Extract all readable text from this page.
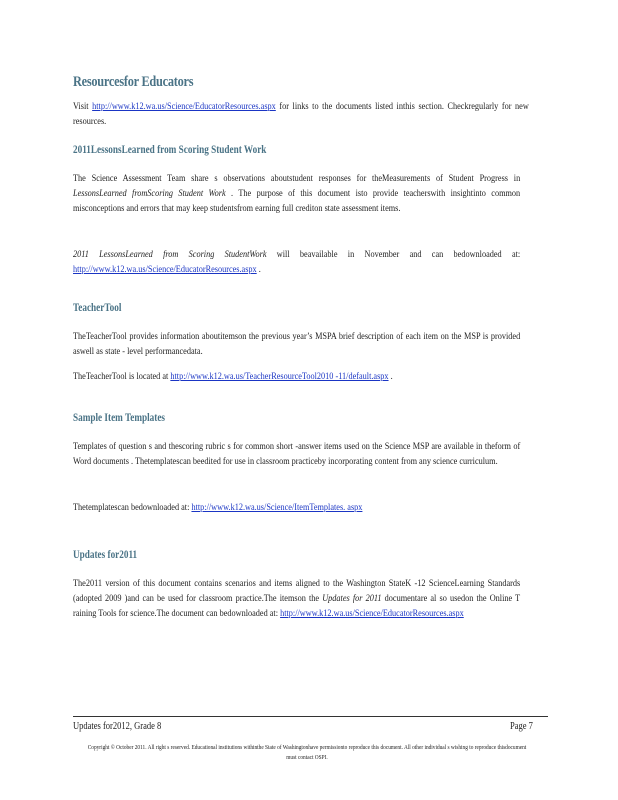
Resourcesfor Educators
Visit http://www.k12.wa.us/Science/EducatorResources.aspx for links to the documents listed inthis section. Checkregularly for new resources.
2011LessonsLearned from Scoring Student Work
The Science Assessment Team share s observations aboutstudent responses for theMeasurements of Student Progress in LessonsLearned fromScoring Student Work . The purpose of this document isto provide teacherswith insightinto common misconceptions and errors that may keep studentsfrom earning full crediton state assessment items.
2011 LessonsLearned from Scoring StudentWork will beavailable in November and can bedownloaded at: http://www.k12.wa.us/Science/EducatorResources.aspx .
TeacherTool
TheTeacherTool provides information aboutitemson the previous year’s MSPA brief description of each item on the MSP is provided aswell as state - level performancedata.
TheTeacherTool is located at http://www.k12.wa.us/TeacherResourceTool2010 -11/default.aspx .
Sample Item Templates
Templates of question s and thescoring rubric s for common short -answer items used on the Science MSP are available in theform of Word documents . Thetemplatescan beedited for use in classroom practiceby incorporating content from any science curriculum.
Thetemplatescan bedownloaded at: http://www.k12.wa.us/Science/ItemTemplates. aspx
Updates for2011
The2011 version of this document contains scenarios and items aligned to the Washington StateK -12 ScienceLearning Standards (adopted 2009 )and can be used for classroom practice.The itemson the Updates for 2011 documentare al so usedon the Online T raining Tools for science.The document can bedownloaded at: http://www.k12.wa.us/Science/EducatorResources.aspx
Updates for2012, Grade 8	Page 7
Copyright © October 2011. All right s reserved. Educational institutions withinthe State of Washingtonhave permissionto reproduce this document. All other individual s wishing to reproduce thisdocument must contact OSPI.
